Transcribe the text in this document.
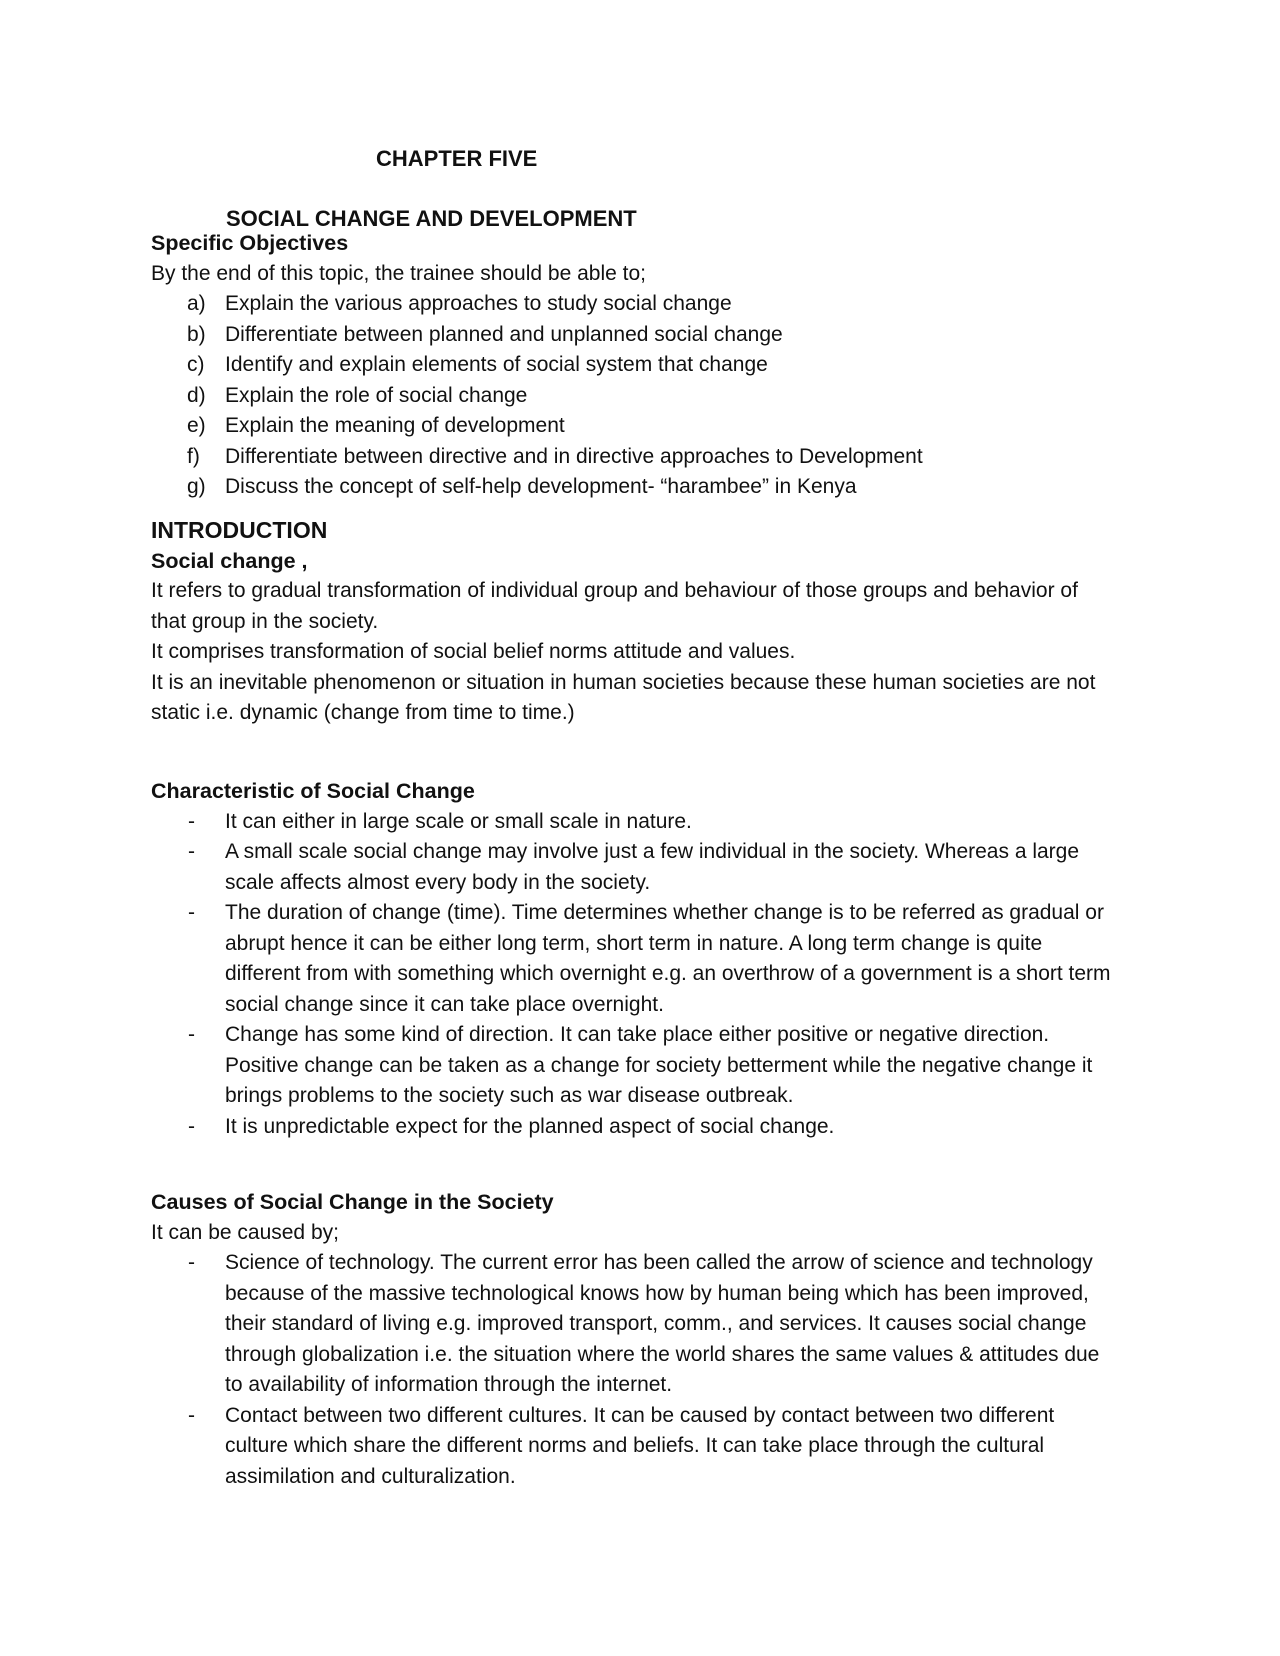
CHAPTER FIVE
SOCIAL CHANGE AND DEVELOPMENT

Specific Objectives

By the end of this topic, the trainee should be able to;

a) Explain the various approaches to study social change
b) Differentiate between planned and unplanned social change
c) Identify and explain elements of social system that change
d) Explain the role of social change
e) Explain the meaning of development
f)	Differentiate between directive and in directive approaches to Development
g) Discuss the concept of self-help development- “harambee” in Kenya

INTRODUCTION

Social change ,

It refers to gradual transformation of individual group and behaviour of those groups and behavior of

that group in the society.

It comprises transformation of social belief norms attitude and values.

It is an inevitable phenomenon or situation in human societies because these human societies are not

static i.e. dynamic (change from time to time.)

Characteristic of Social Change

-	It can either in large scale or small scale in nature.
-	A small scale social change may involve just a few individual in the society. Whereas a large scale affects almost every body in the society.
-	The duration of change (time). Time determines whether change is to be referred as gradual or abrupt hence it can be either long term, short term in nature. A long term change is quite different from with something which overnight e.g. an overthrow of a government is a short term social change since it can take place overnight.
-	Change has some kind of direction. It can take place either positive or negative direction. Positive change can be taken as a change for society betterment while the negative change it brings problems to the society such as war disease outbreak.
-	It is unpredictable expect for the planned aspect of social change.

Causes of Social Change in the Society

It can be caused by;

-	Science of technology. The current error has been called the arrow of science and technology because of the massive technological knows how by human being which has been improved, their standard of living e.g. improved transport, comm., and services. It causes social change through globalization i.e. the situation where the world shares the same values & attitudes due to availability of information through the internet.
-	Contact between two different cultures. It can be caused by contact between two different culture which share the different norms and beliefs. It can take place through the cultural assimilation and culturalization.
